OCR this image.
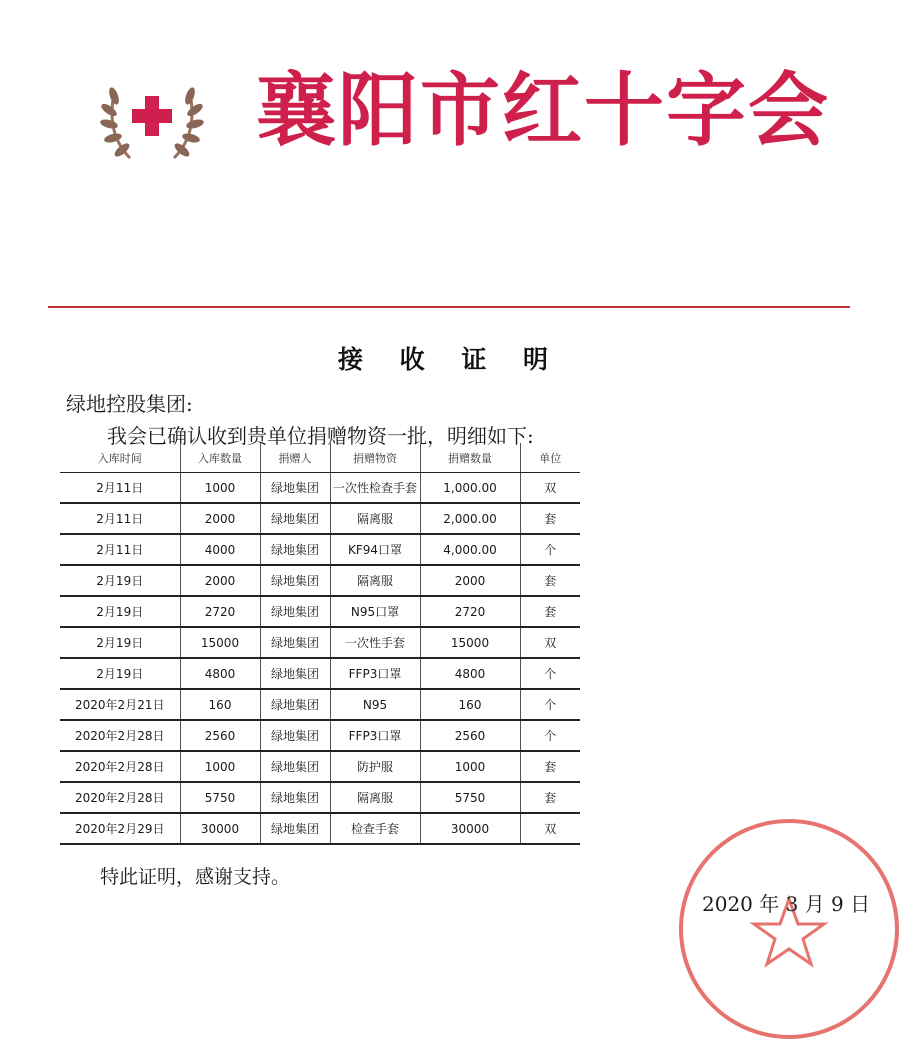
襄阳市红十字会
接 收 证 明
绿地控股集团:
我会已确认收到贵单位捐赠物资一批，明细如下:
入库时间	入库数量	捐赠人	捐赠物资	捐赠数量	单位
2月11日	1000	绿地集团	一次性检查手套	1,000.00	双
2月11日	2000	绿地集团	隔离服	2,000.00	套
2月11日	4000	绿地集团	KF94口罩	4,000.00	个
2月19日	2000	绿地集团	隔离服	2000	套
2月19日	2720	绿地集团	N95口罩	2720	套
2月19日	15000	绿地集团	一次性手套	15000	双
2月19日	4800	绿地集团	FFP3口罩	4800	个
2020年2月21日	160	绿地集团	N95	160	个
2020年2月28日	2560	绿地集团	FFP3口罩	2560	个
2020年2月28日	1000	绿地集团	防护服	1000	套
2020年2月28日	5750	绿地集团	隔离服	5750	套
2020年2月29日	30000	绿地集团	检查手套	30000	双
特此证明，感谢支持。
2020 年 3 月 9 日
